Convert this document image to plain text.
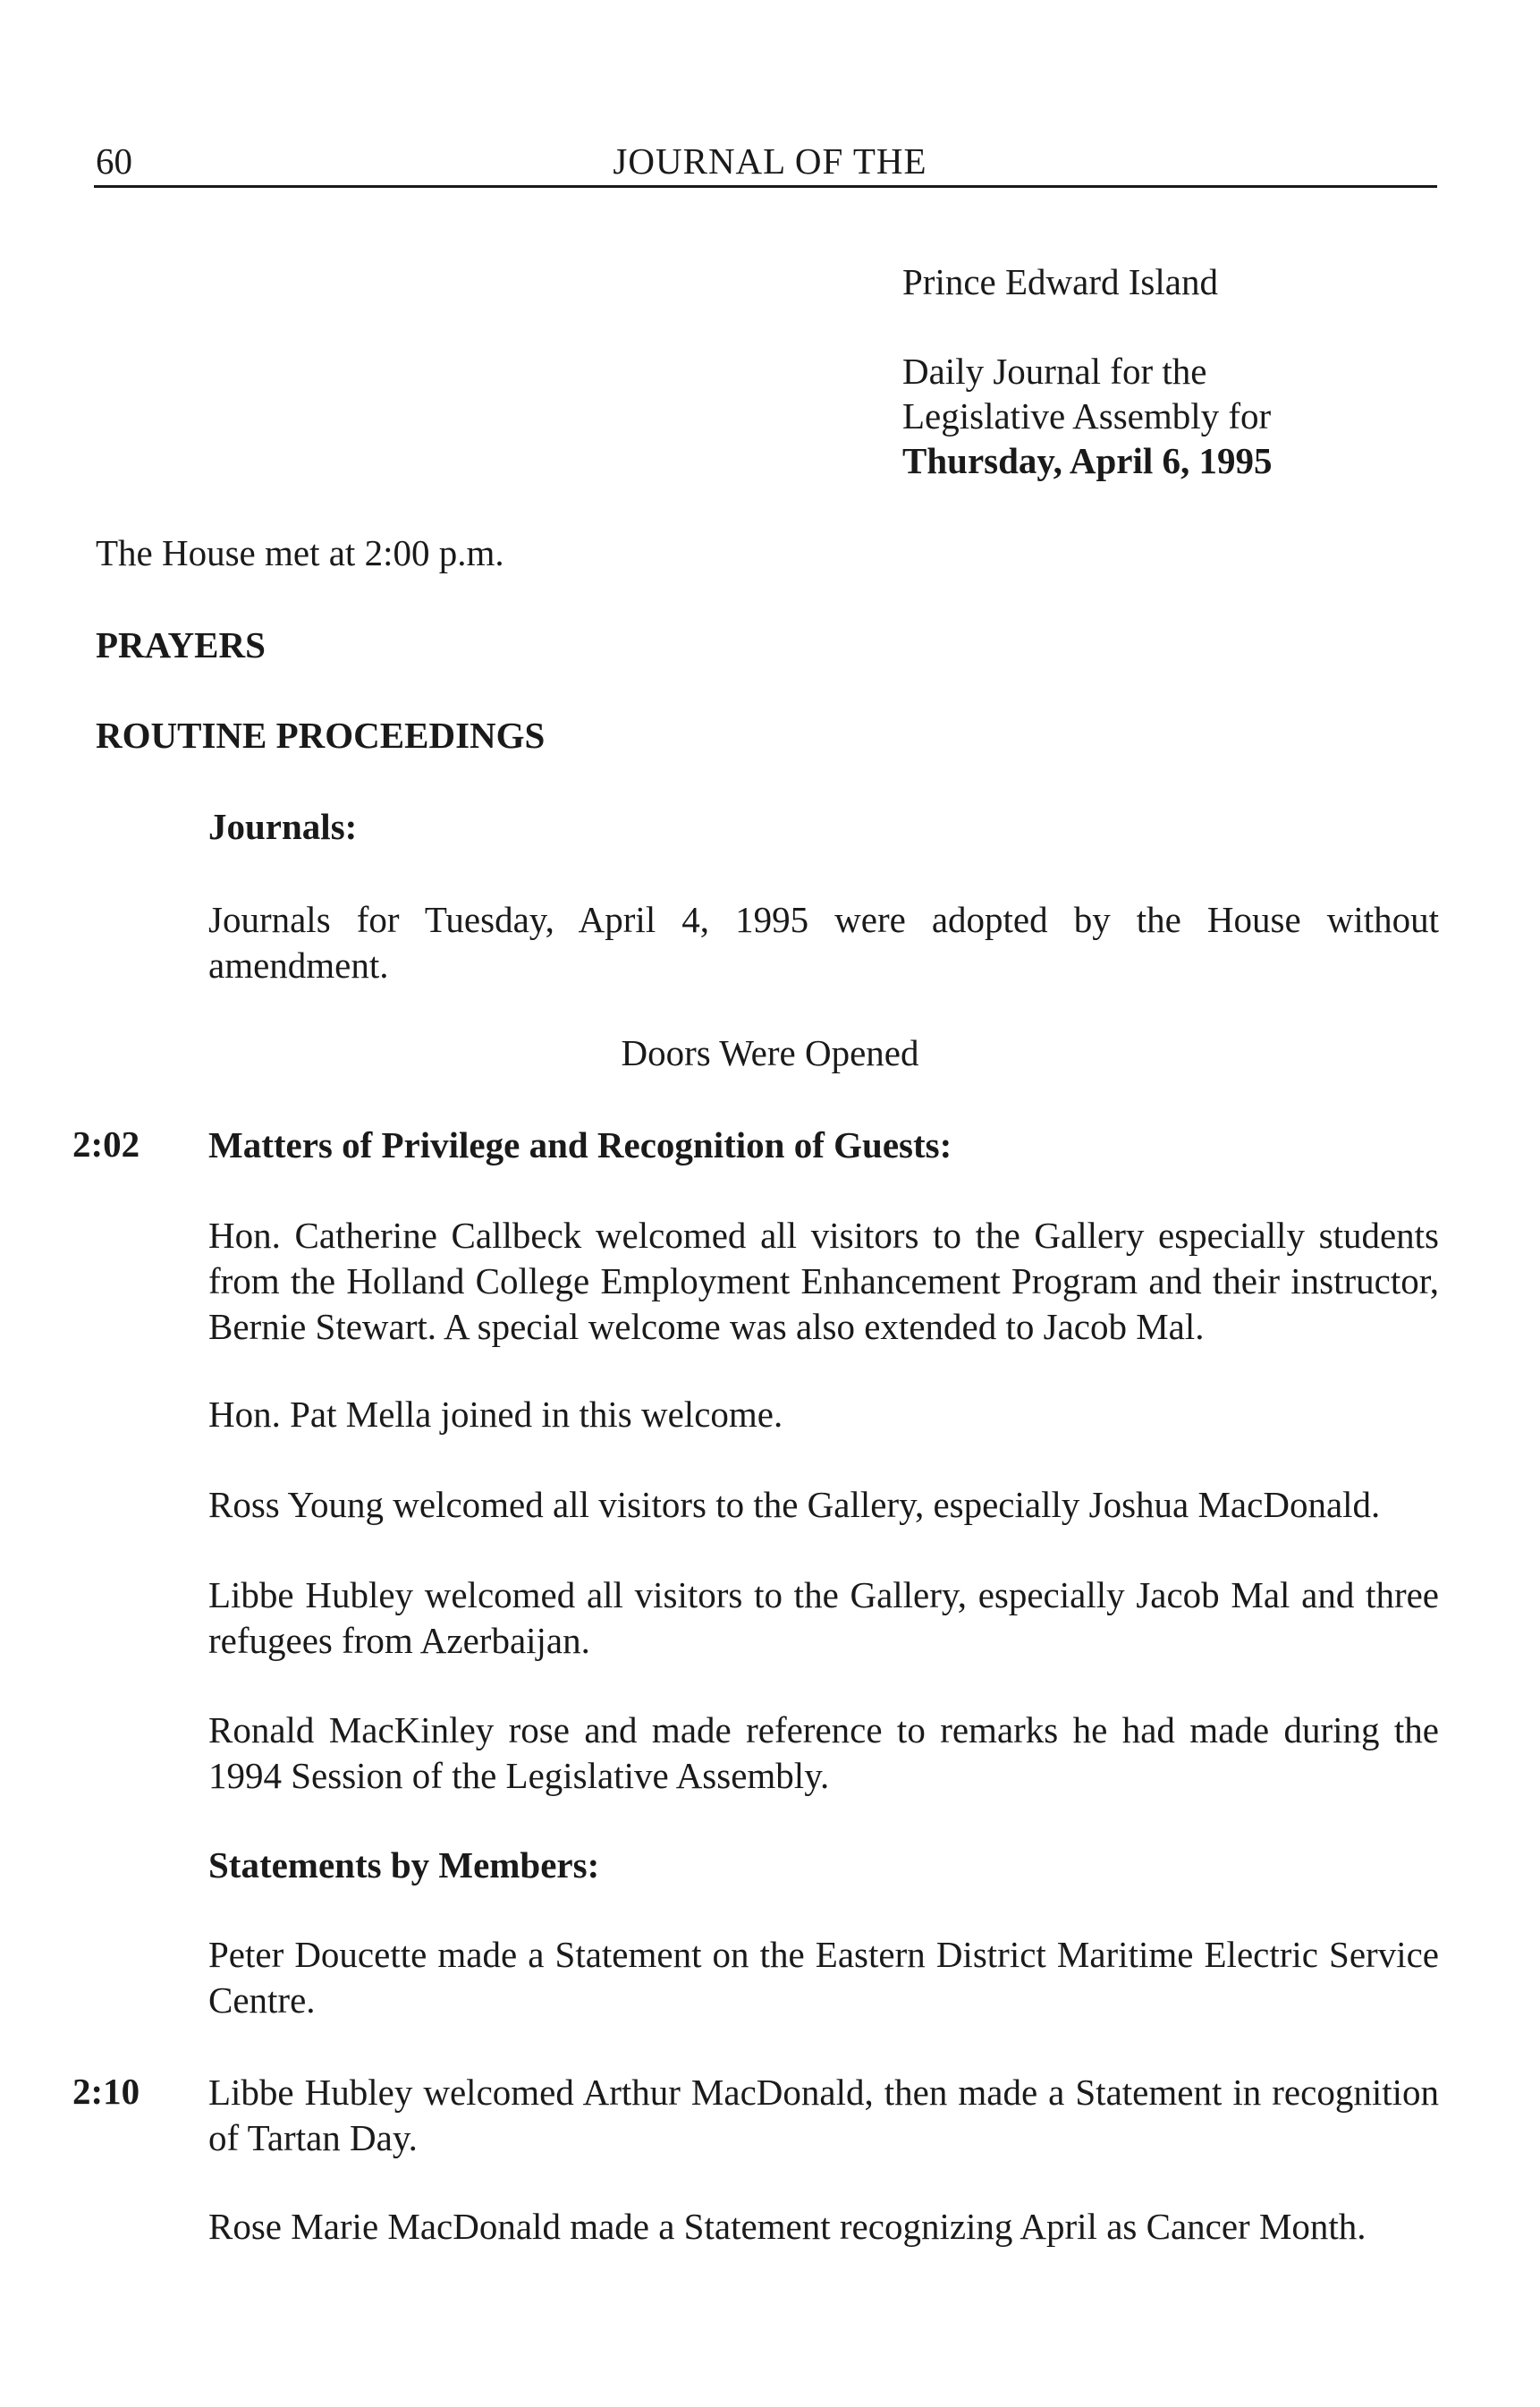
60	JOURNAL OF THE
Prince Edward Island
Daily Journal for the
Legislative Assembly for
Thursday, April 6, 1995
The House met at 2:00 p.m.
PRAYERS
ROUTINE PROCEEDINGS
Journals:
Journals for Tuesday, April 4, 1995 were adopted by the House without amendment.
Doors Were Opened
2:02 Matters of Privilege and Recognition of Guests:
Hon. Catherine Callbeck welcomed all visitors to the Gallery especially students from the Holland College Employment Enhancement Program and their instructor, Bernie Stewart. A special welcome was also extended to Jacob Mal.
Hon. Pat Mella joined in this welcome.
Ross Young welcomed all visitors to the Gallery, especially Joshua MacDonald.
Libbe Hubley welcomed all visitors to the Gallery, especially Jacob Mal and three refugees from Azerbaijan.
Ronald MacKinley rose and made reference to remarks he had made during the 1994 Session of the Legislative Assembly.
Statements by Members:
Peter Doucette made a Statement on the Eastern District Maritime Electric Service Centre.
2:10 Libbe Hubley welcomed Arthur MacDonald, then made a Statement in recognition of Tartan Day.
Rose Marie MacDonald made a Statement recognizing April as Cancer Month.
